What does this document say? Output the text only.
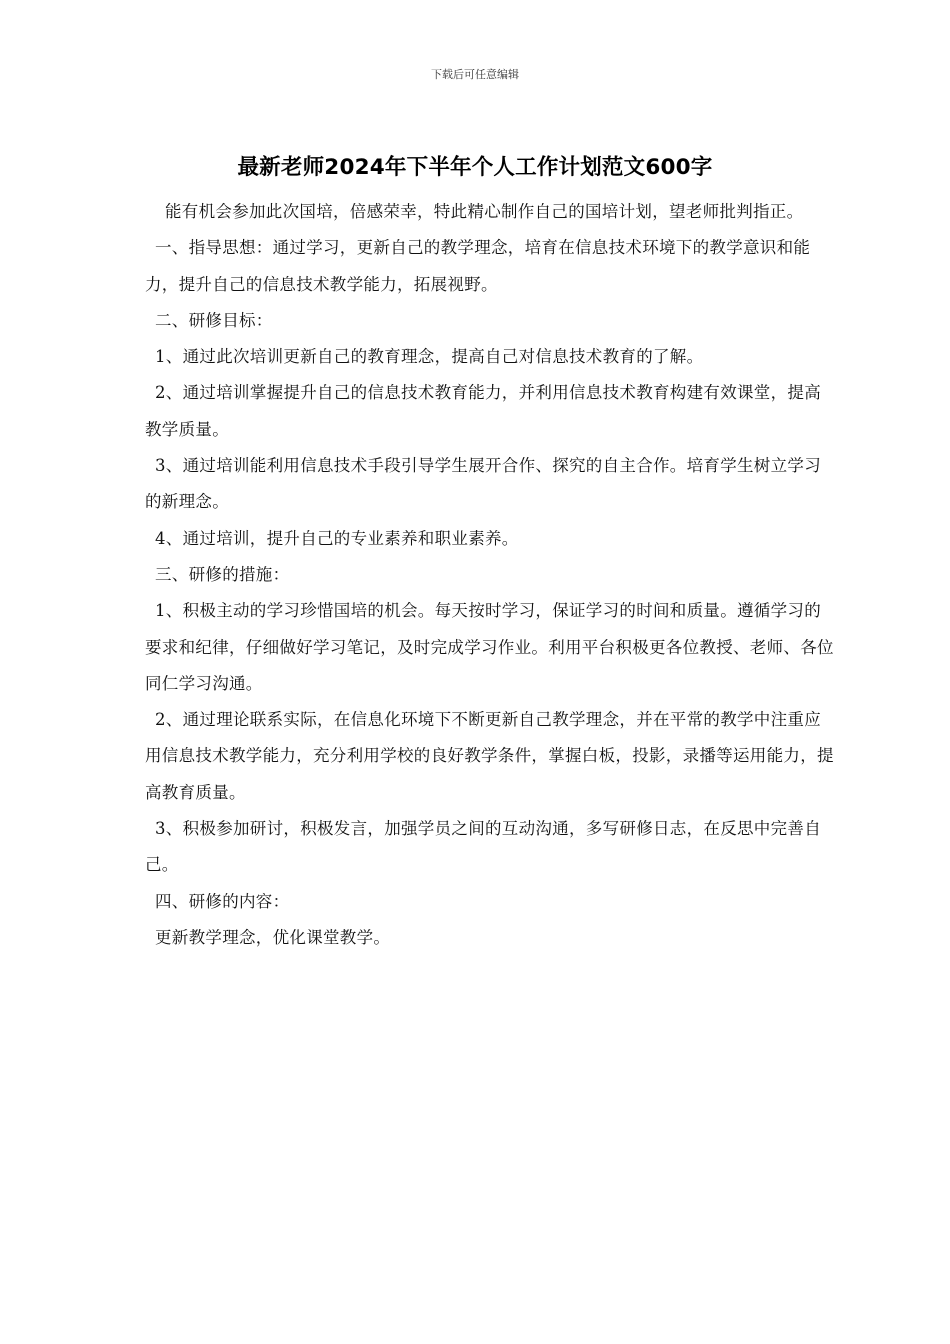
下载后可任意编辑
最新老师2024年下半年个人工作计划范文600字

能有机会参加此次国培，倍感荣幸，特此精心制作自己的国培计划，望老师批判指正。

一、指导思想：通过学习，更新自己的教学理念，培育在信息技术环境下的教学意识和能力，提升自己的信息技术教学能力，拓展视野。

二、研修目标：

1、通过此次培训更新自己的教育理念，提高自己对信息技术教育的了解。

2、通过培训掌握提升自己的信息技术教育能力，并利用信息技术教育构建有效课堂，提高教学质量。

3、通过培训能利用信息技术手段引导学生展开合作、探究的自主合作。培育学生树立学习的新理念。

4、通过培训，提升自己的专业素养和职业素养。

三、研修的措施：

1、积极主动的学习珍惜国培的机会。每天按时学习，保证学习的时间和质量。遵循学习的要求和纪律，仔细做好学习笔记，及时完成学习作业。利用平台积极更各位教授、老师、各位同仁学习沟通。

2、通过理论联系实际，在信息化环境下不断更新自己教学理念，并在平常的教学中注重应用信息技术教学能力，充分利用学校的良好教学条件，掌握白板，投影，录播等运用能力，提高教育质量。

3、积极参加研讨，积极发言，加强学员之间的互动沟通，多写研修日志，在反思中完善自己。

四、研修的内容：

更新教学理念，优化课堂教学。
